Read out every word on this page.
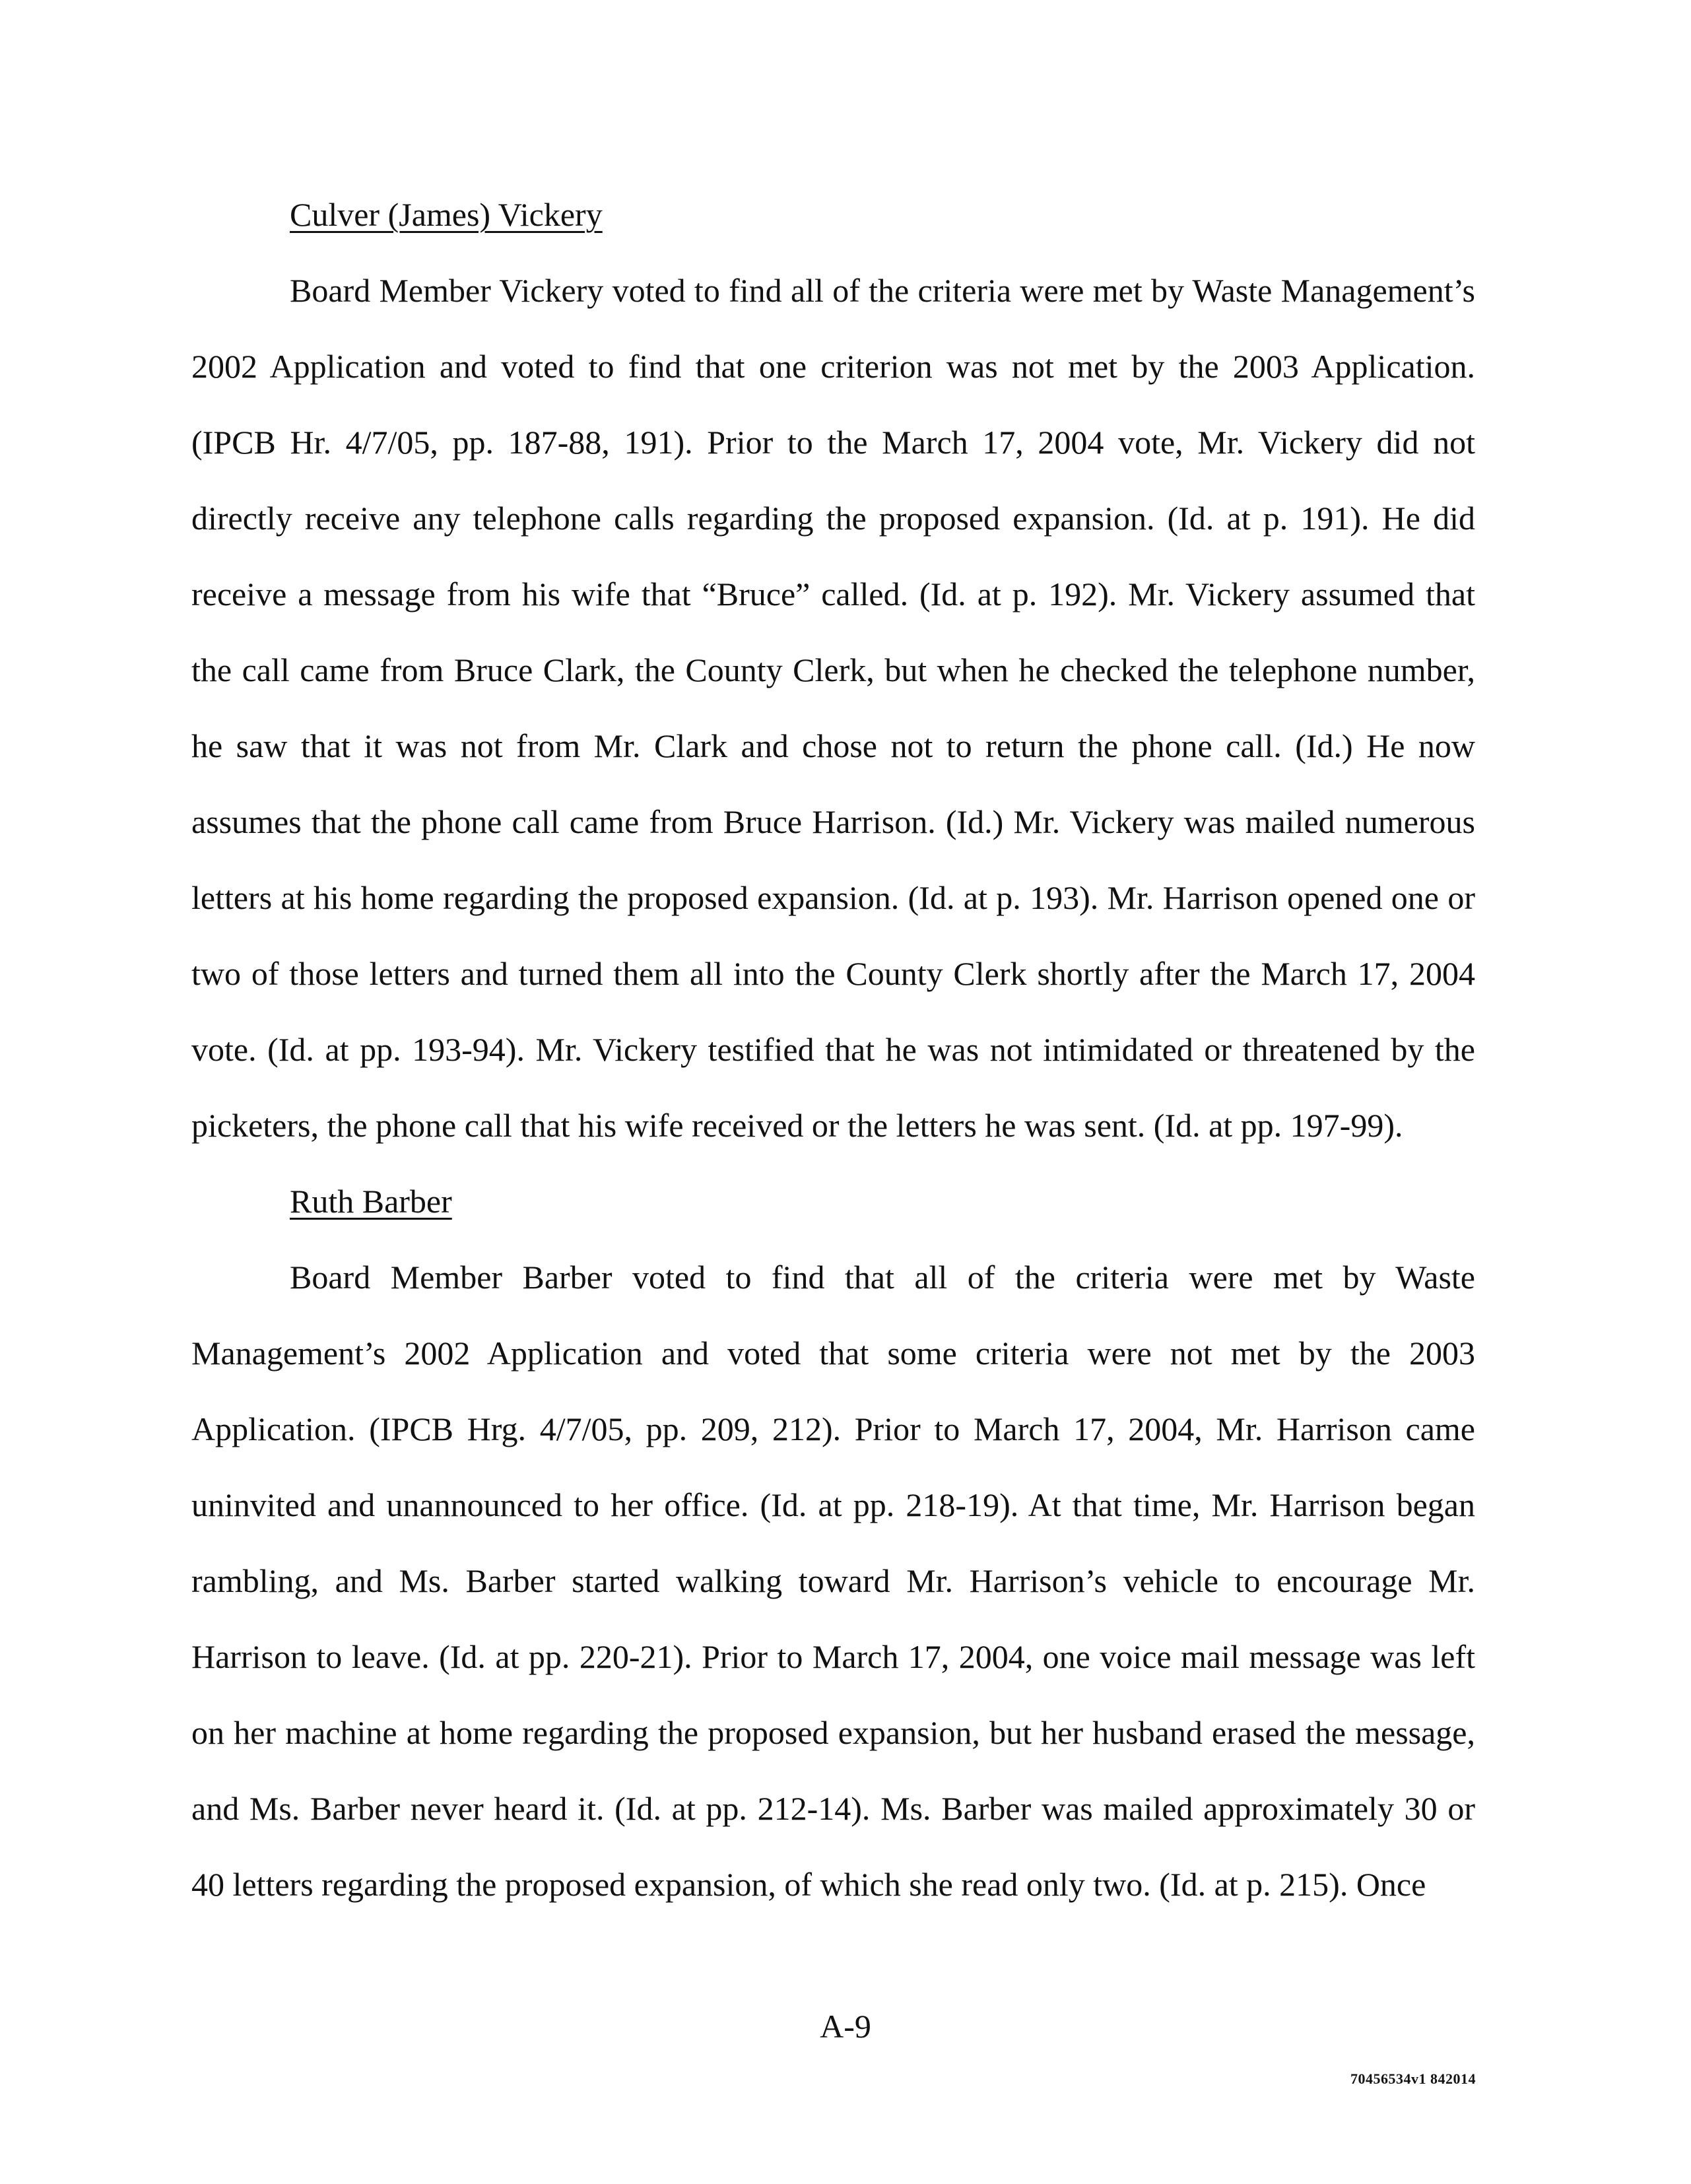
Culver (James) Vickery

Board Member Vickery voted to find all of the criteria were met by Waste Management’s 2002 Application and voted to find that one criterion was not met by the 2003 Application. (IPCB Hr. 4/7/05, pp. 187-88, 191). Prior to the March 17, 2004 vote, Mr. Vickery did not directly receive any telephone calls regarding the proposed expansion. (Id. at p. 191). He did receive a message from his wife that “Bruce” called. (Id. at p. 192). Mr. Vickery assumed that the call came from Bruce Clark, the County Clerk, but when he checked the telephone number, he saw that it was not from Mr. Clark and chose not to return the phone call. (Id.) He now assumes that the phone call came from Bruce Harrison. (Id.) Mr. Vickery was mailed numerous letters at his home regarding the proposed expansion. (Id. at p. 193). Mr. Harrison opened one or two of those letters and turned them all into the County Clerk shortly after the March 17, 2004 vote. (Id. at pp. 193-94). Mr. Vickery testified that he was not intimidated or threatened by the picketers, the phone call that his wife received or the letters he was sent. (Id. at pp. 197-99).

Ruth Barber

Board Member Barber voted to find that all of the criteria were met by Waste Management’s 2002 Application and voted that some criteria were not met by the 2003 Application. (IPCB Hrg. 4/7/05, pp. 209, 212). Prior to March 17, 2004, Mr. Harrison came uninvited and unannounced to her office. (Id. at pp. 218-19). At that time, Mr. Harrison began rambling, and Ms. Barber started walking toward Mr. Harrison’s vehicle to encourage Mr. Harrison to leave. (Id. at pp. 220-21). Prior to March 17, 2004, one voice mail message was left on her machine at home regarding the proposed expansion, but her husband erased the message, and Ms. Barber never heard it. (Id. at pp. 212-14). Ms. Barber was mailed approximately 30 or 40 letters regarding the proposed expansion, of which she read only two. (Id. at p. 215). Once

A-9
70456534v1 842014
